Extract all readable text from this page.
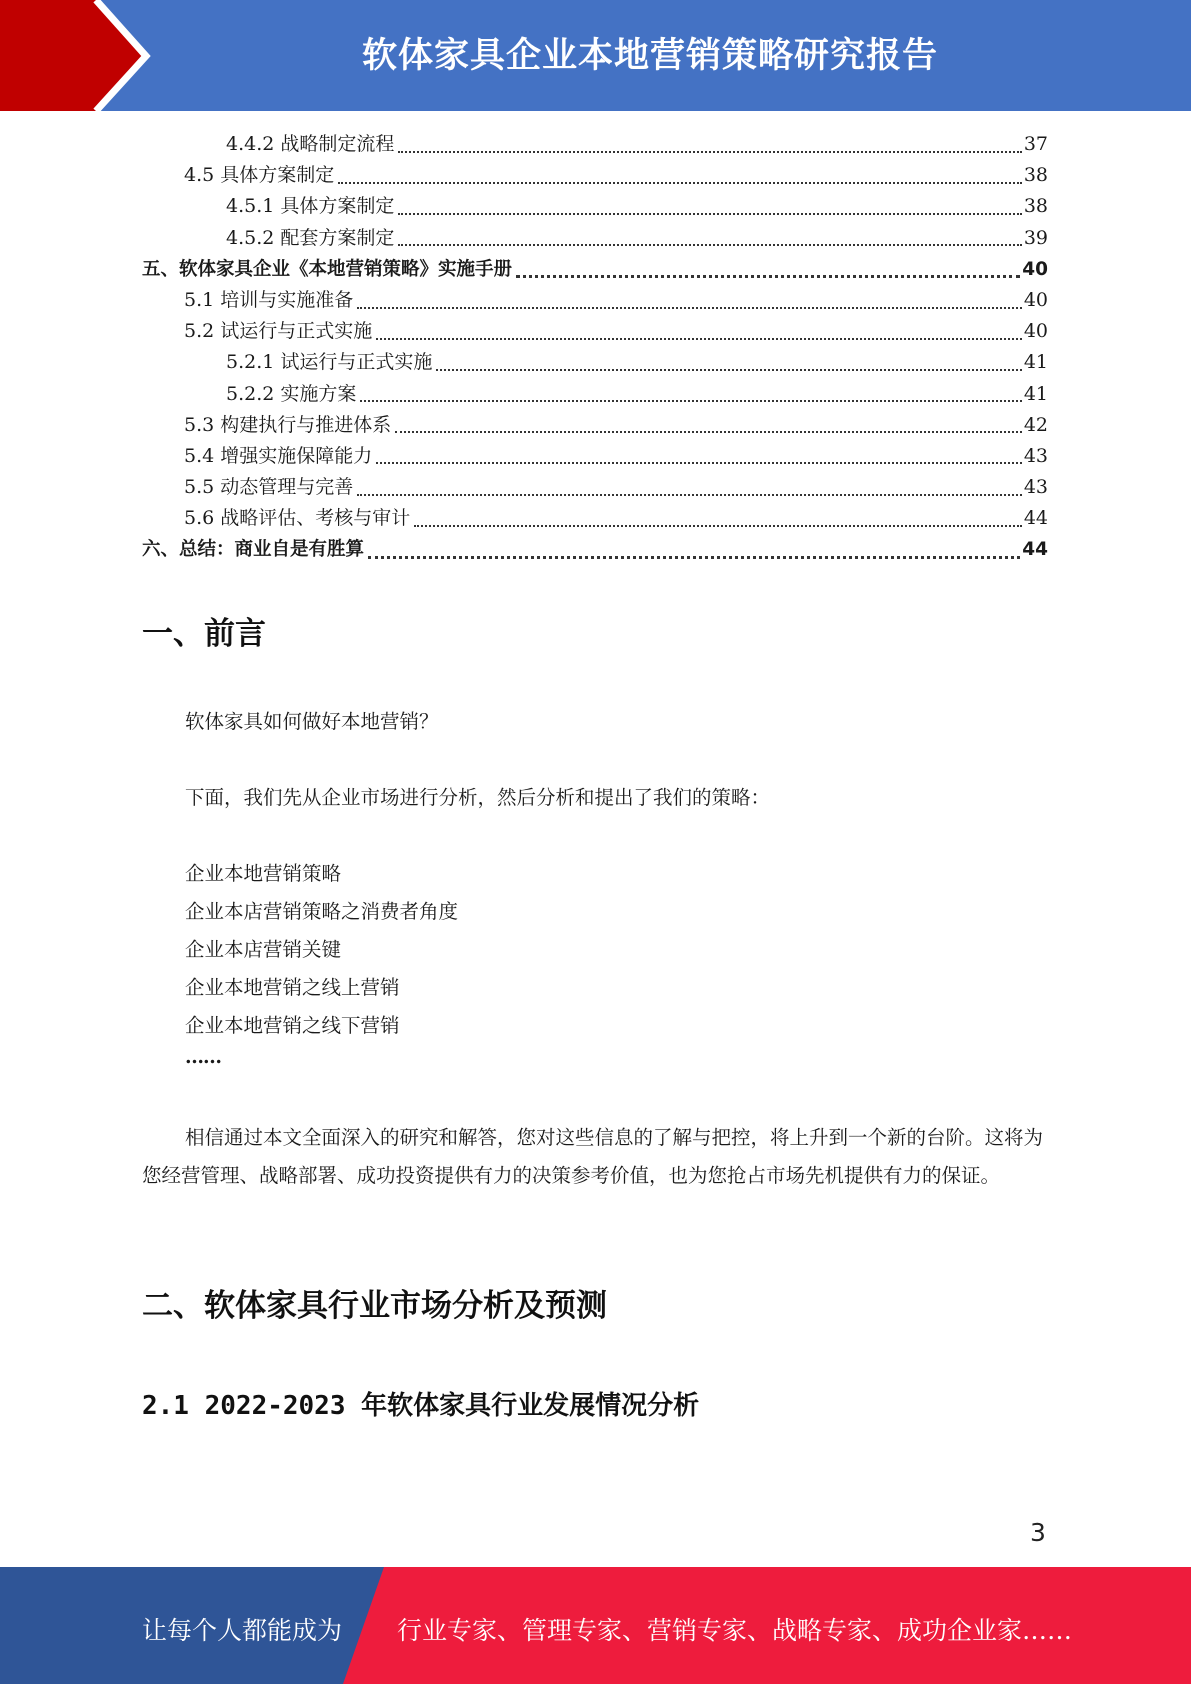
软体家具企业本地营销策略研究报告
4.4.2 战略制定流程	37
4.5 具体方案制定	38
4.5.1 具体方案制定	38
4.5.2 配套方案制定	39
五、软体家具企业《本地营销策略》实施手册	40
5.1 培训与实施准备	40
5.2 试运行与正式实施	40
5.2.1 试运行与正式实施	41
5.2.2 实施方案	41
5.3 构建执行与推进体系	42
5.4 增强实施保障能力	43
5.5 动态管理与完善	43
5.6 战略评估、考核与审计	44
六、总结：商业自是有胜算	44
一、前言

软体家具如何做好本地营销？

下面，我们先从企业市场进行分析，然后分析和提出了我们的策略：

企业本地营销策略
企业本店营销策略之消费者角度
企业本店营销关键
企业本地营销之线上营销
企业本地营销之线下营销
……

相信通过本文全面深入的研究和解答，您对这些信息的了解与把控，将上升到一个新的台阶。这将为您经营管理、战略部署、成功投资提供有力的决策参考价值，也为您抢占市场先机提供有力的保证。

二、软体家具行业市场分析及预测
2.1 2022-2023 年软体家具行业发展情况分析
3
让每个人都能成为 行业专家、管理专家、营销专家、战略专家、成功企业家……
